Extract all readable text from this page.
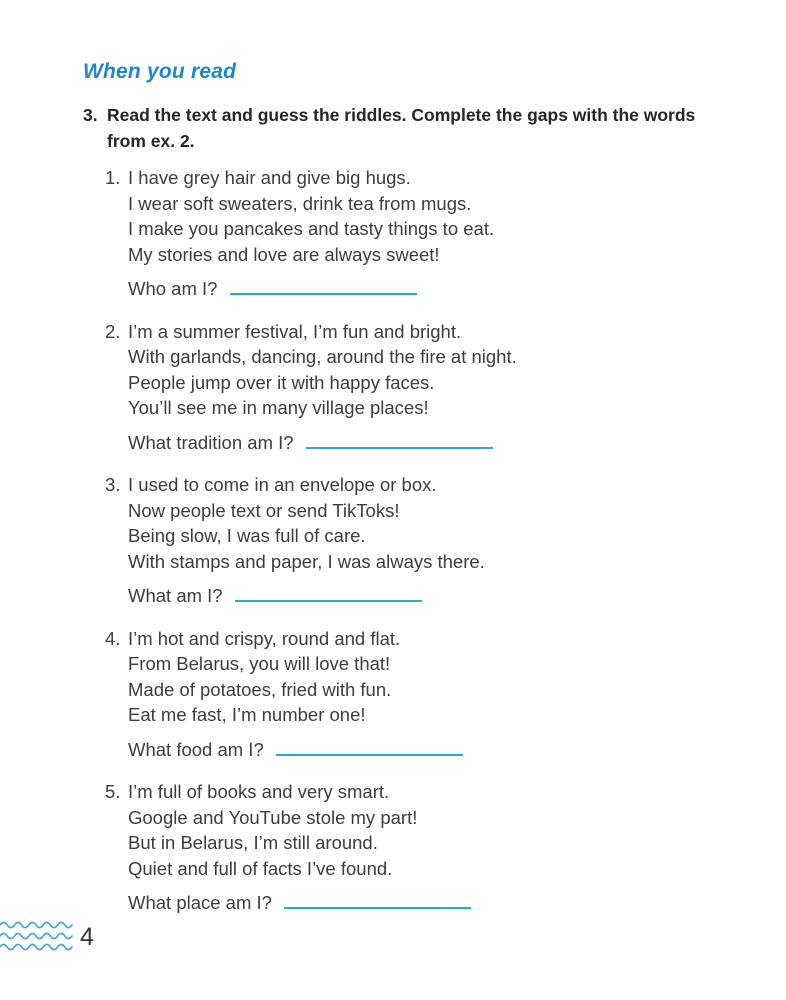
When you read
3. Read the text and guess the riddles. Complete the gaps with the words from ex. 2.
1. I have grey hair and give big hugs.
I wear soft sweaters, drink tea from mugs.
I make you pancakes and tasty things to eat.
My stories and love are always sweet!
Who am I?
2. I’m a summer festival, I’m fun and bright.
With garlands, dancing, around the fire at night.
People jump over it with happy faces.
You’ll see me in many village places!
What tradition am I?
3. I used to come in an envelope or box.
Now people text or send TikToks!
Being slow, I was full of care.
With stamps and paper, I was always there.
What am I?
4. I’m hot and crispy, round and flat.
From Belarus, you will love that!
Made of potatoes, fried with fun.
Eat me fast, I’m number one!
What food am I?
5. I’m full of books and very smart.
Google and YouTube stole my part!
But in Belarus, I’m still around.
Quiet and full of facts I’ve found.
What place am I?
4
